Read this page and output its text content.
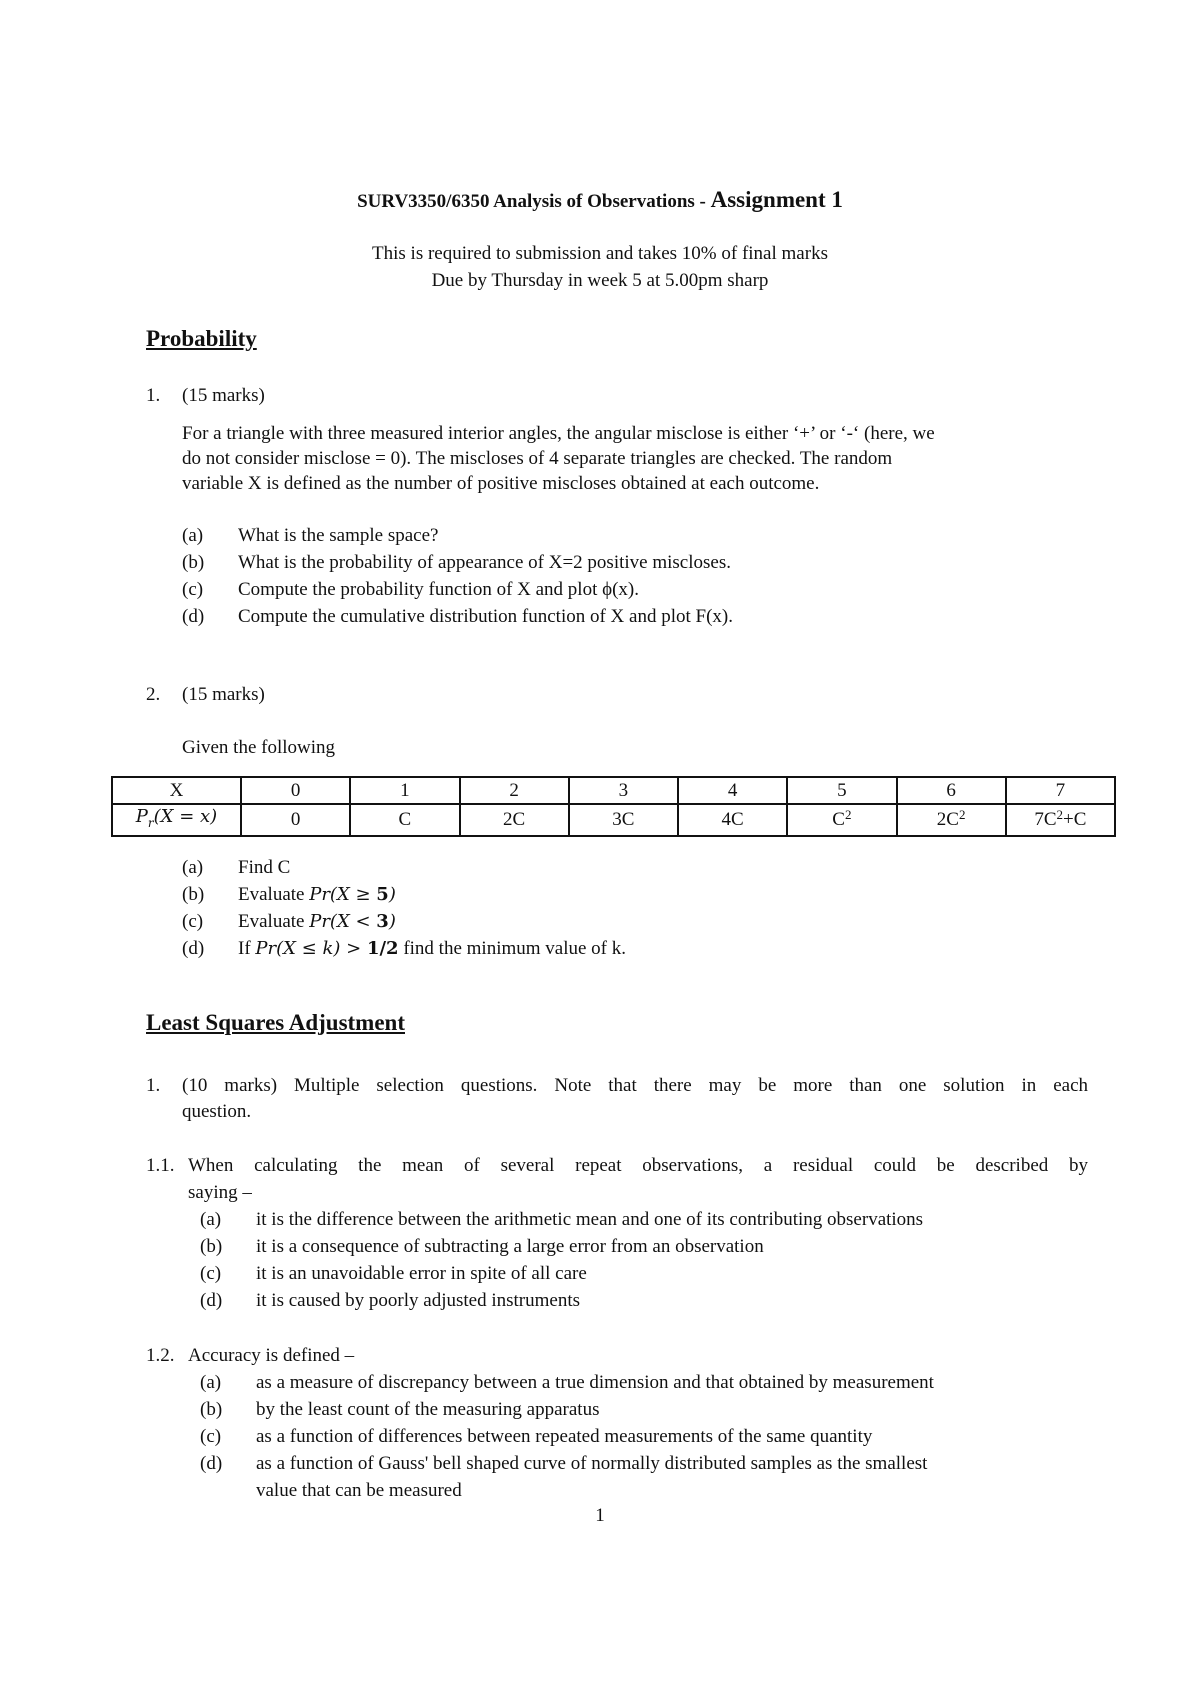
SURV3350/6350 Analysis of Observations - Assignment 1
This is required to submission and takes 10% of final marks
Due by Thursday in week 5 at 5.00pm sharp
Probability
1. (15 marks)
For a triangle with three measured interior angles, the angular misclose is either ‘+’ or ‘-‘ (here, we
do not consider misclose = 0). The miscloses of 4 separate triangles are checked. The random
variable X is defined as the number of positive miscloses obtained at each outcome.
(a) What is the sample space?
(b) What is the probability of appearance of X=2 positive miscloses.
(c) Compute the probability function of X and plot ϕ(x).
(d) Compute the cumulative distribution function of X and plot F(x).
2. (15 marks)
Given the following
X	0	1	2	3	4	5	6	7
$P_r(X = x)$	0	C	2C	3C	4C	$C^2$	$2C^2$	$7C^2+C$
(a) Find C
(b) Evaluate Pr(X ≥ 5)
(c) Evaluate Pr(X < 3)
(d) If Pr(X ≤ k) > 1/2 find the minimum value of k.
Least Squares Adjustment
1. (10 marks) Multiple selection questions. Note that there may be more than one solution in each
question.
1.1. When calculating the mean of several repeat observations, a residual could be described by
saying –
(a) it is the difference between the arithmetic mean and one of its contributing observations
(b) it is a consequence of subtracting a large error from an observation
(c) it is an unavoidable error in spite of all care
(d) it is caused by poorly adjusted instruments
1.2. Accuracy is defined –
(a) as a measure of discrepancy between a true dimension and that obtained by measurement
(b) by the least count of the measuring apparatus
(c) as a function of differences between repeated measurements of the same quantity
(d) as a function of Gauss' bell shaped curve of normally distributed samples as the smallest
value that can be measured
1
